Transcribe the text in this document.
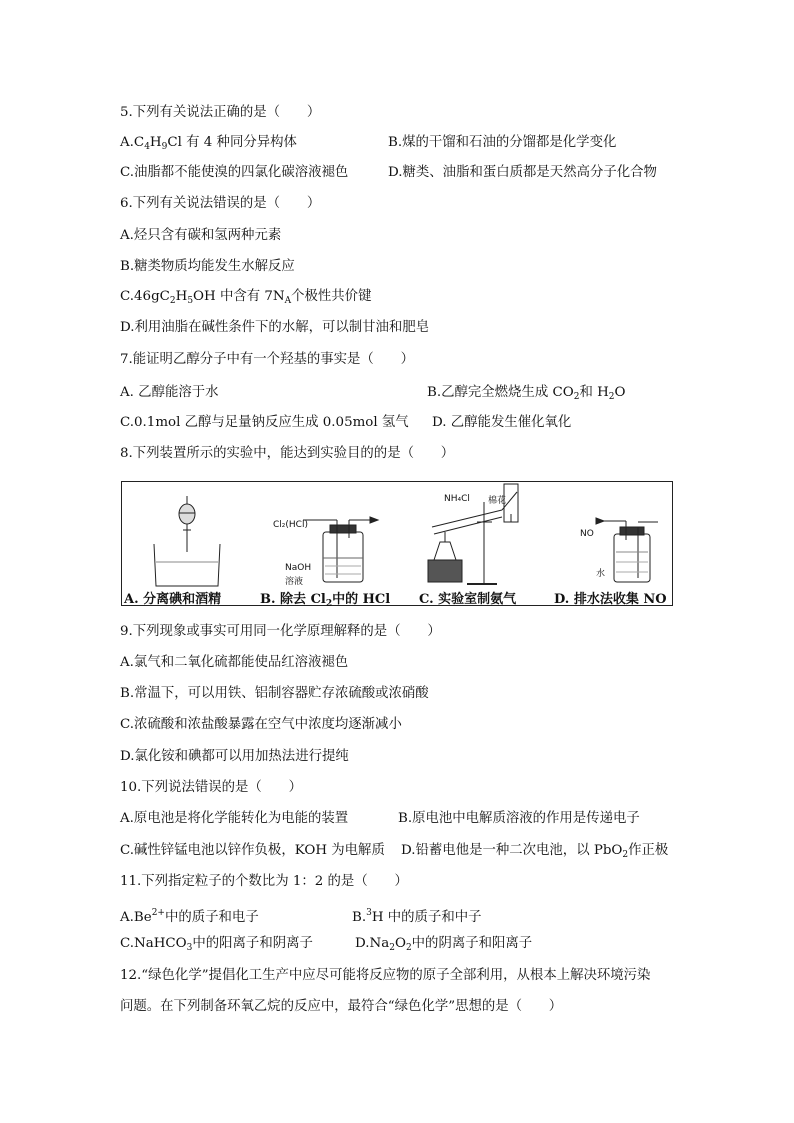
5.下列有关说法正确的是（　　）
$A.C_4H_9Cl$ 有 4 种同分异构体	B.煤的干馏和石油的分馏都是化学变化
C.油脂都不能使溴的四氯化碳溶液褪色	D.糖类、油脂和蛋白质都是天然高分子化合物
6.下列有关说法错误的是（　　）
A.烃只含有碳和氢两种元素
B.糖类物质均能发生水解反应
$C.46gC_2H_5OH$ 中含有 $7N_A$个极性共价键
D.利用油脂在碱性条件下的水解，可以制甘油和肥皂
7.能证明乙醇分子中有一个羟基的事实是（　　）
A. 乙醇能溶于水	B.乙醇完全燃烧生成 $CO_2$和 $H_2O$
C.0.1mol 乙醇与足量钠反应生成 0.05mol 氢气 D. 乙醇能发生催化氧化
8.下列装置所示的实验中，能达到实验目的的是（　　）
Cl₂(HCl)
NaOH
溶液
NH₄Cl 棉花
NO
水
A. 分离碘和酒精	B. 除去 $Cl_2$中的 HCl C. 实验室制氨气	D. 排水法收集 NO
9.下列现象或事实可用同一化学原理解释的是（　　）
A.氯气和二氧化硫都能使品红溶液褪色
B.常温下，可以用铁、铝制容器贮存浓硫酸或浓硝酸
C.浓硫酸和浓盐酸暴露在空气中浓度均逐渐减小
D.氯化铵和碘都可以用加热法进行提纯
10.下列说法错误的是（　　）
A.原电池是将化学能转化为电能的装置	B.原电池中电解质溶液的作用是传递电子
C.碱性锌锰电池以锌作负极，KOH 为电解质 D.铅蓄电他是一种二次电池，以 PbO$_2$作正极
11.下列指定粒子的个数比为 1：2 的是（　　）
$A.Be^{2+}$中的质子和电子	B.$^3$H 中的质子和中子
C.NaHCO$_3$中的阳离子和阴离子	$D.Na_2O_2$中的阴离子和阳离子
12.“绿色化学”提倡化工生产中应尽可能将反应物的原子全部利用，从根本上解决环境污染
问题。在下列制备环氧乙烷的反应中，最符合“绿色化学”思想的是（　　）
